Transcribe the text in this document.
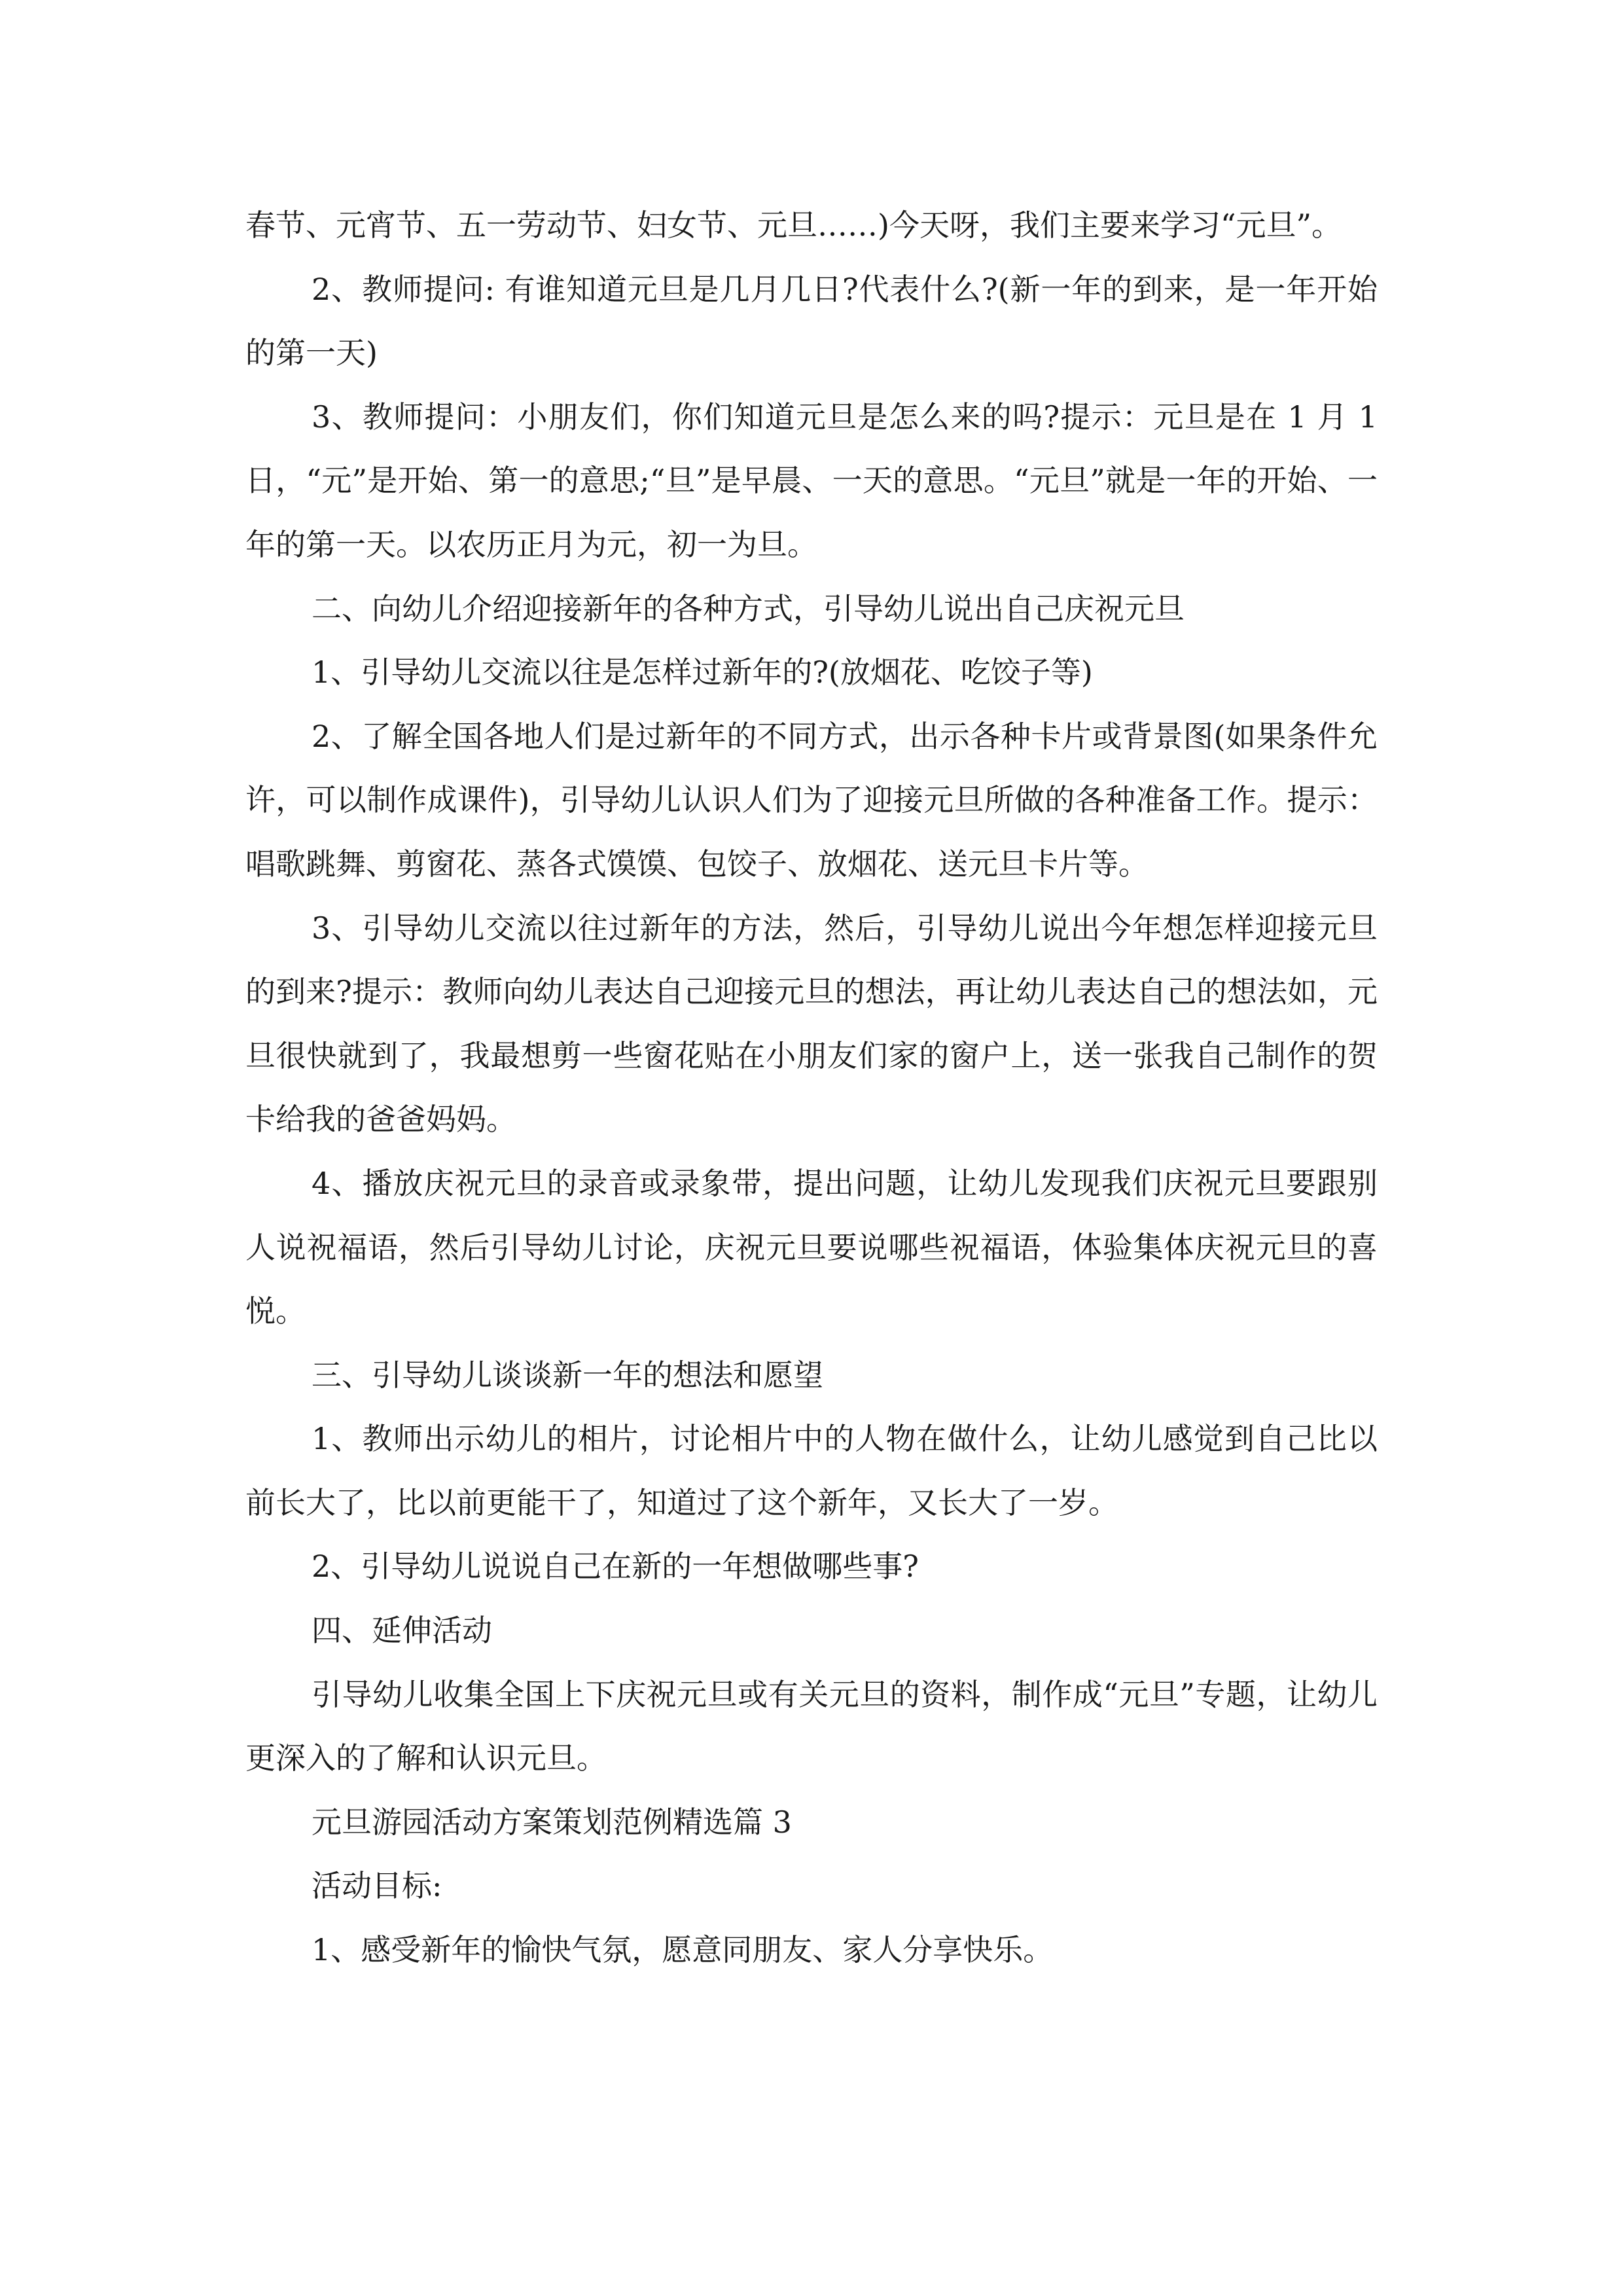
春节、元宵节、五一劳动节、妇女节、元旦……)今天呀，我们主要来学习“元旦”。

2、教师提问: 有谁知道元旦是几月几日?代表什么?(新一年的到来，是一年开始的第一天)

3、教师提问：小朋友们，你们知道元旦是怎么来的吗?提示：元旦是在 1 月 1 日，“元”是开始、第一的意思;“旦”是早晨、一天的意思。“元旦”就是一年的开始、一年的第一天。以农历正月为元，初一为旦。

二、向幼儿介绍迎接新年的各种方式，引导幼儿说出自己庆祝元旦

1、引导幼儿交流以往是怎样过新年的?(放烟花、吃饺子等)

2、了解全国各地人们是过新年的不同方式，出示各种卡片或背景图(如果条件允许，可以制作成课件)，引导幼儿认识人们为了迎接元旦所做的各种准备工作。提示：唱歌跳舞、剪窗花、蒸各式馍馍、包饺子、放烟花、送元旦卡片等。

3、引导幼儿交流以往过新年的方法，然后，引导幼儿说出今年想怎样迎接元旦的到来?提示：教师向幼儿表达自己迎接元旦的想法，再让幼儿表达自己的想法如，元旦很快就到了，我最想剪一些窗花贴在小朋友们家的窗户上，送一张我自己制作的贺卡给我的爸爸妈妈。

4、播放庆祝元旦的录音或录象带，提出问题，让幼儿发现我们庆祝元旦要跟别人说祝福语，然后引导幼儿讨论，庆祝元旦要说哪些祝福语，体验集体庆祝元旦的喜悦。

三、引导幼儿谈谈新一年的想法和愿望

1、教师出示幼儿的相片，讨论相片中的人物在做什么，让幼儿感觉到自己比以前长大了，比以前更能干了，知道过了这个新年，又长大了一岁。

2、引导幼儿说说自己在新的一年想做哪些事?

四、延伸活动

引导幼儿收集全国上下庆祝元旦或有关元旦的资料，制作成“元旦”专题，让幼儿更深入的了解和认识元旦。

元旦游园活动方案策划范例精选篇 3

活动目标:

1、感受新年的愉快气氛，愿意同朋友、家人分享快乐。
